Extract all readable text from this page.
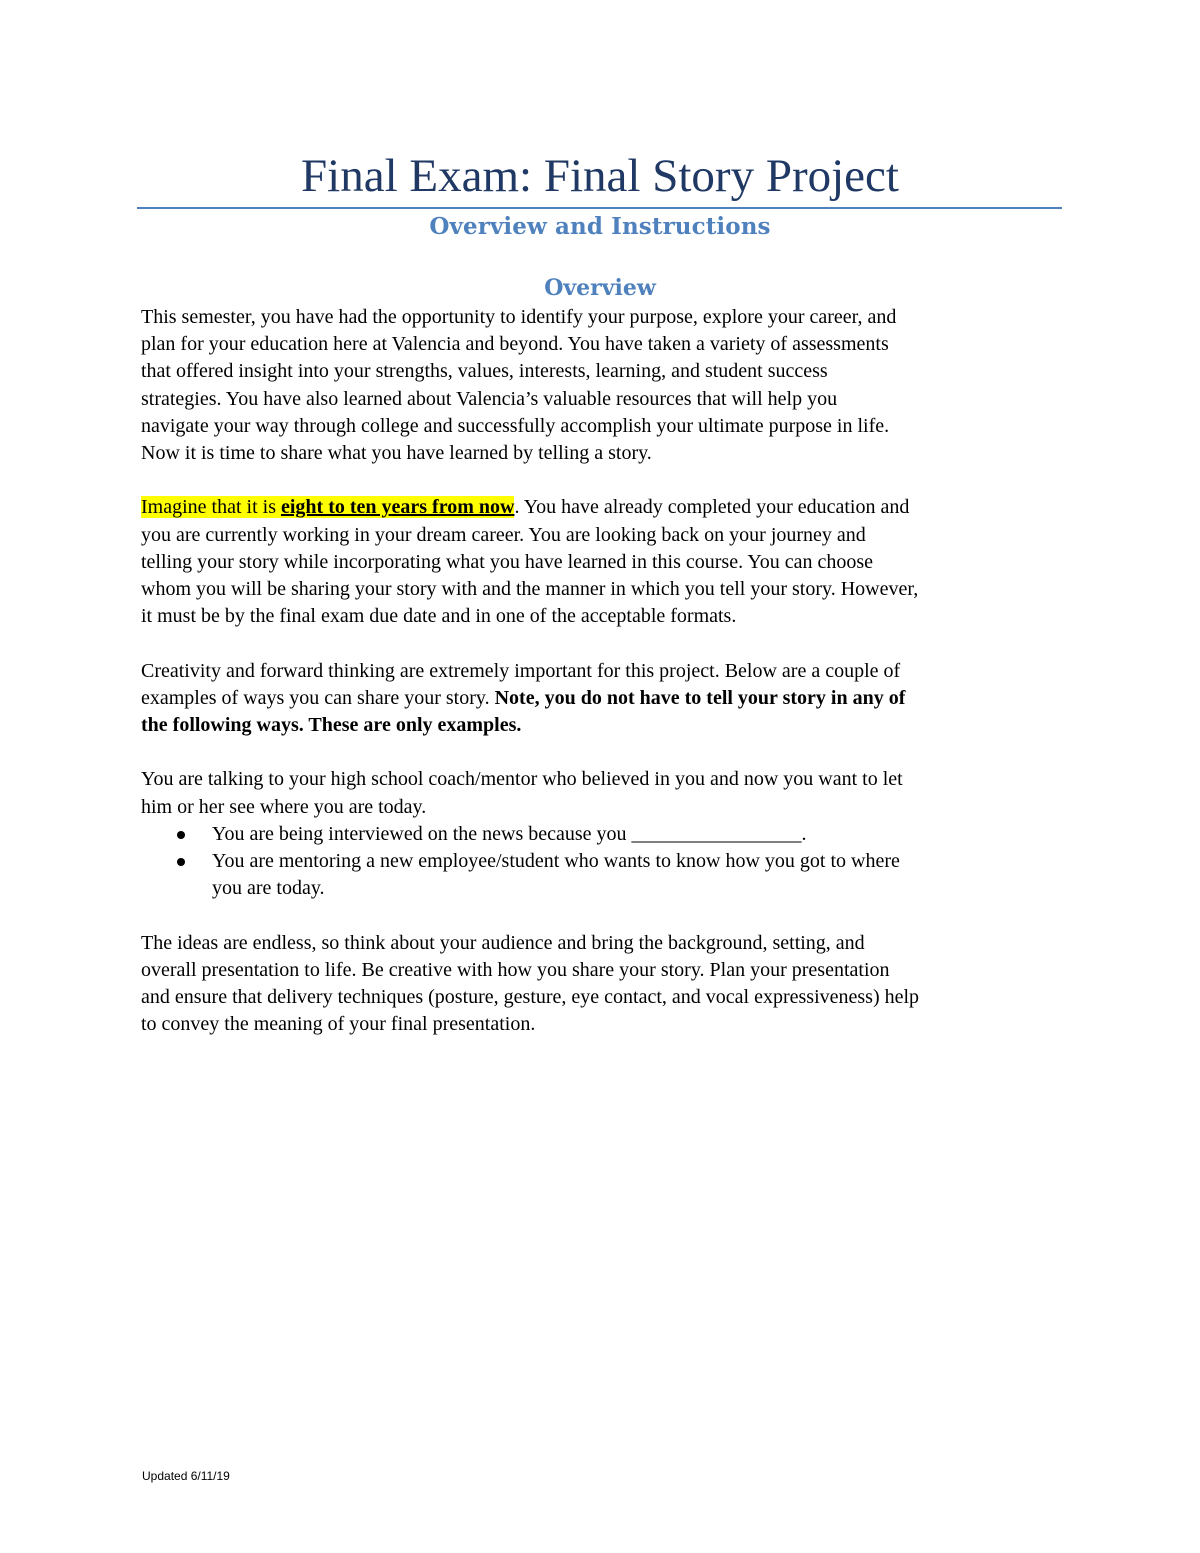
Final Exam: Final Story Project
Overview and Instructions
Overview

This semester, you have had the opportunity to identify your purpose, explore your career, and
plan for your education here at Valencia and beyond. You have taken a variety of assessments
that offered insight into your strengths, values, interests, learning, and student success
strategies. You have also learned about Valencia’s valuable resources that will help you
navigate your way through college and successfully accomplish your ultimate purpose in life.
Now it is time to share what you have learned by telling a story.

Imagine that it is eight to ten years from now. You have already completed your education and
you are currently working in your dream career. You are looking back on your journey and
telling your story while incorporating what you have learned in this course. You can choose
whom you will be sharing your story with and the manner in which you tell your story. However,
it must be by the final exam due date and in one of the acceptable formats.

Creativity and forward thinking are extremely important for this project. Below are a couple of
examples of ways you can share your story. Note, you do not have to tell your story in any of
the following ways. These are only examples.

You are talking to your high school coach/mentor who believed in you and now you want to let
him or her see where you are today.
You are being interviewed on the news because you _________________.
You are mentoring a new employee/student who wants to know how you got to where
you are today.

The ideas are endless, so think about your audience and bring the background, setting, and
overall presentation to life. Be creative with how you share your story. Plan your presentation
and ensure that delivery techniques (posture, gesture, eye contact, and vocal expressiveness) help
to convey the meaning of your final presentation.

Updated 6/11/19
